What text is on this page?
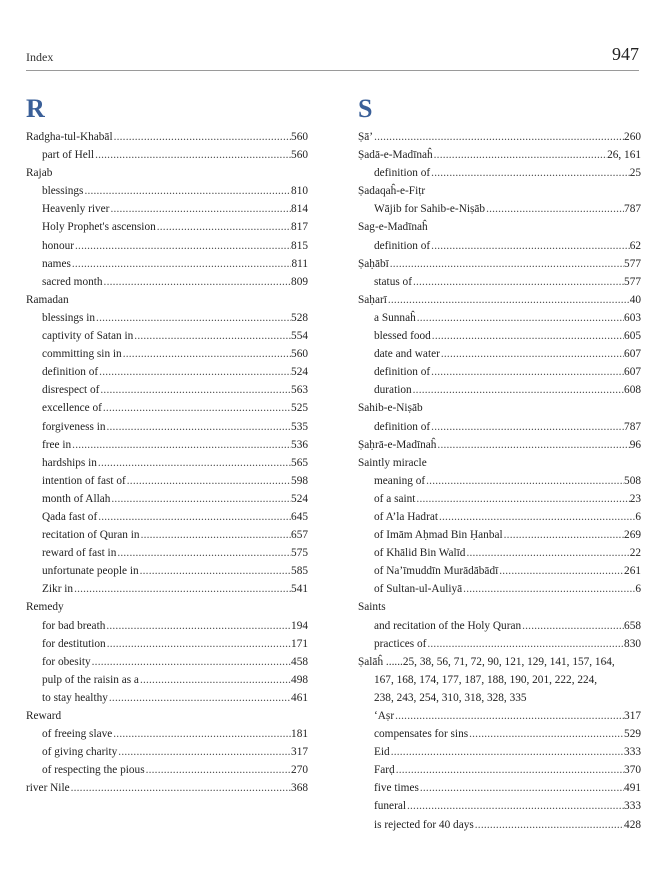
Index	947
R
Radgha-tul-Khabāl .....	560
part of Hell .....	560
Rajab
blessings .....	810
Heavenly river .....	814
Holy Prophet's ascension .....	817
honour .....	815
names .....	811
sacred month .....	809
Ramadan
blessings in .....	528
captivity of Satan in .....	554
committing sin in .....	560
definition of .....	524
disrespect of .....	563
excellence of .....	525
forgiveness in .....	535
free in .....	536
hardships in .....	565
intention of fast of .....	598
month of Allah .....	524
Qada fast of .....	645
recitation of Quran in .....	657
reward of fast in .....	575
unfortunate people in .....	585
Zikr in .....	541
Remedy
for bad breath .....	194
for destitution .....	171
for obesity .....	458
pulp of the raisin as a .....	498
to stay healthy .....	461
Reward
of freeing slave .....	181
of giving charity .....	317
of respecting the pious .....	270
river Nile .....	368
S
Ṣā’ .....	260
Ṣadā-e-Madīnaĥ .....	26, 161
definition of .....	25
Ṣadaqaĥ-e-Fiṭr
Wājib for Sahib-e-Niṣāb .....	787
Sag-e-Madīnaĥ
definition of .....	62
Ṣaḥābī .....	577
status of .....	577
Saḥarī .....	40
a Sunnaĥ .....	603
blessed food .....	605
date and water .....	607
definition of .....	607
duration .....	608
Sahib-e-Niṣāb
definition of .....	787
Ṣaḥrā-e-Madīnaĥ .....	96
Saintly miracle
meaning of .....	508
of a saint .....	23
of A’la Hadrat .....	6
of Imām Aḥmad Bin Ḥanbal .....	269
of Khālid Bin Walīd .....	22
of Na’īmuddīn Murādābādī .....	261
of Sultan-ul-Auliyā .....	6
Saints
and recitation of the Holy Quran .....	658
practices of .....	830
Ṣalāĥ ......25, 38, 56, 71, 72, 90, 121, 129, 141, 157, 164,
167, 168, 174, 177, 187, 188, 190, 201, 222, 224,
238, 243, 254, 310, 318, 328, 335
‘Aṣr .....	317
compensates for sins .....	529
Eid .....	333
Farḍ .....	370
five times .....	491
funeral .....	333
is rejected for 40 days .....	428
